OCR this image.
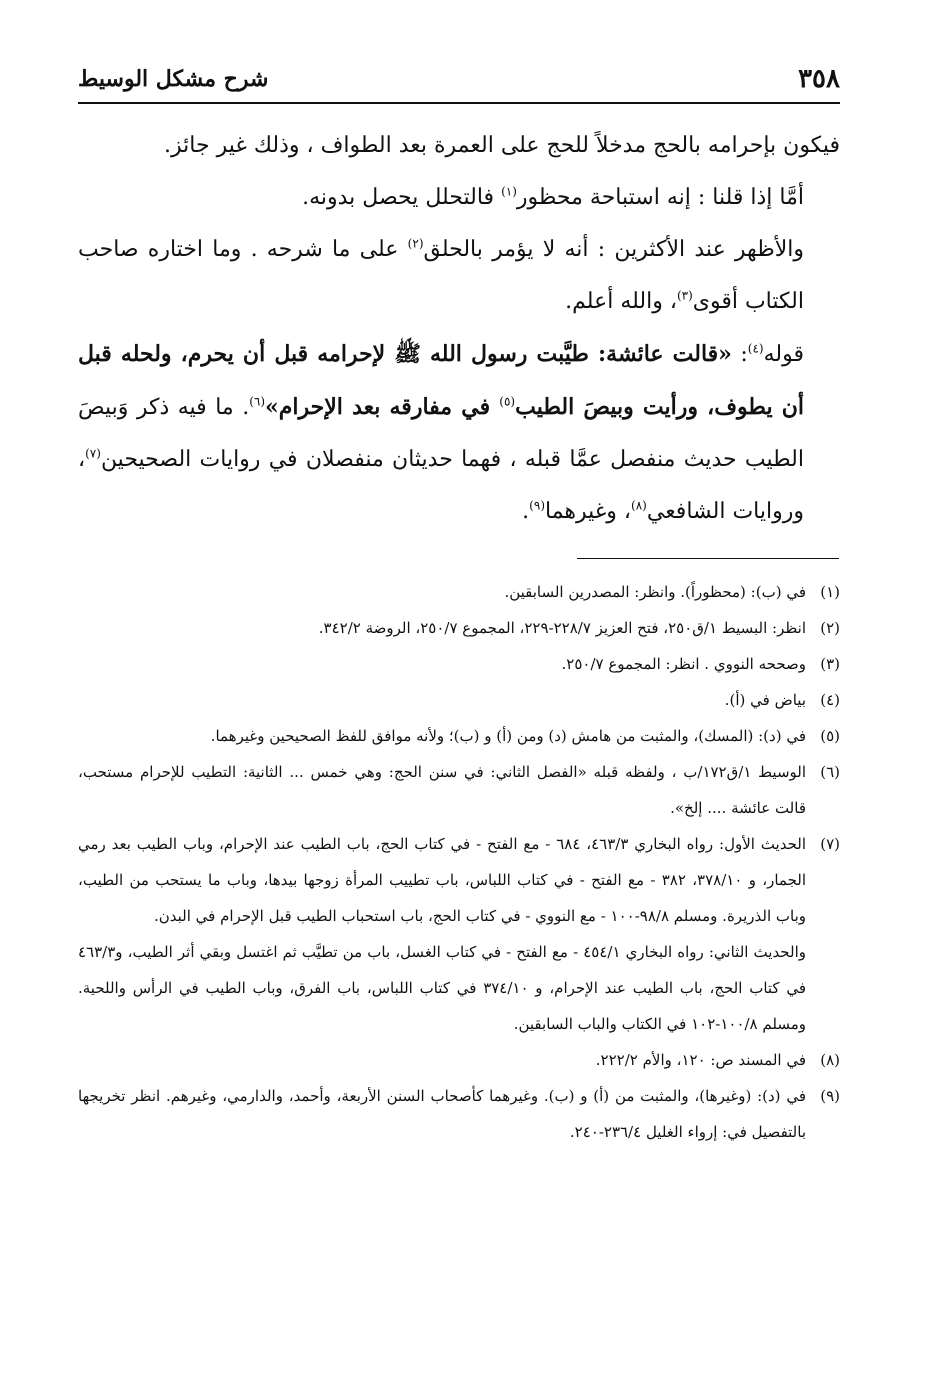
٣٥٨
شرح مشكل الوسيط

فيكون بإحرامه بالحج مدخلاً للحج على العمرة بعد الطواف ، وذلك غير جائز.

أمَّا إذا قلنا : إنه استباحة محظور$^{(١)}$ فالتحلل يحصل بدونه.

والأظهر عند الأكثرين : أنه لا يؤمر بالحلق$^{(٢)}$ على ما شرحه . وما اختاره صاحب الكتاب أقوى$^{(٣)}$، والله أعلم.

قوله$^{(٤)}$: «قالت عائشة: طيَّبت رسول الله ﷺ لإحرامه قبل أن يحرم، ولحله قبل أن يطوف، ورأيت وبيصَ الطيب$^{(٥)}$ في مفارقه بعد الإحرام»$^{(٦)}$. ما فيه ذكر وَبيصَ الطيب حديث منفصل عمَّا قبله ، فهما حديثان منفصلان في روايات الصحيحين$^{(٧)}$، وروايات الشافعي$^{(٨)}$، وغيرهما$^{(٩)}$.

(١)
في (ب): (محظوراً). وانظر: المصدرين السابقين.
(٢)
انظر: البسيط ١/ق٢٥٠، فتح العزيز ٢٢٨/٧-٢٢٩، المجموع ٢٥٠/٧، الروضة ٣٤٢/٢.
(٣)
وصححه النووي . انظر: المجموع ٢٥٠/٧.
(٤)
بياض في (أ).
(٥)
في (د): (المسك)، والمثبت من هامش (د) ومن (أ) و (ب)؛ ولأنه موافق للفظ الصحيحين وغيرهما.
(٦)
الوسيط ١/ق١٧٢/ب ، ولفظه قبله «الفصل الثاني: في سنن الحج: وهي خمس ... الثانية: التطيب للإحرام مستحب، قالت عائشة .... إلخ».
(٧)
الحديث الأول: رواه البخاري ٤٦٣/٣، ٦٨٤ - مع الفتح - في كتاب الحج، باب الطيب عند الإحرام، وباب الطيب بعد رمي الجمار، و ٣٧٨/١٠، ٣٨٢ - مع الفتح - في كتاب اللباس، باب تطييب المرأة زوجها بيدها، وباب ما يستحب من الطيب، وباب الذريرة. ومسلم ٩٨/٨-١٠٠ - مع النووي - في كتاب الحج، باب استحباب الطيب قبل الإحرام في البدن.
والحديث الثاني: رواه البخاري ٤٥٤/١ - مع الفتح - في كتاب الغسل، باب من تطيَّب ثم اغتسل وبقي أثر الطيب، و٤٦٣/٣ في كتاب الحج، باب الطيب عند الإحرام، و ٣٧٤/١٠ في كتاب اللباس، باب الفرق، وباب الطيب في الرأس واللحية. ومسلم ١٠٠/٨-١٠٢ في الكتاب والباب السابقين.
(٨)
في المسند ص: ١٢٠، والأم ٢٢٢/٢.
(٩)
في (د): (وغيرها)، والمثبت من (أ) و (ب). وغيرهما كأصحاب السنن الأربعة، وأحمد، والدارمي، وغيرهم. انظر تخريجها بالتفصيل في: إرواء الغليل ٢٣٦/٤-٢٤٠.
